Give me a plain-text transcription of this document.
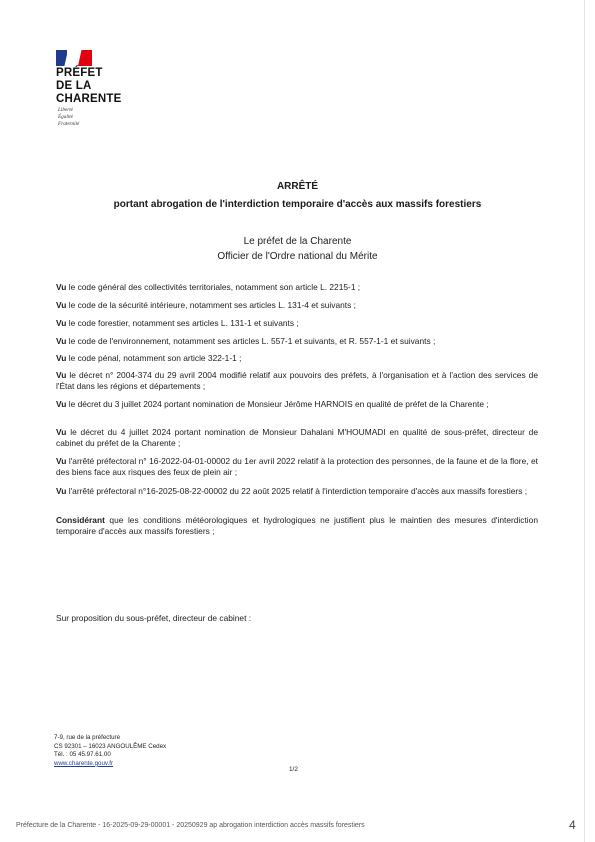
PRÉFET
DE LA
CHARENTE
Liberté
Égalité
Fraternité
ARRÊTÉ
portant abrogation de l'interdiction temporaire d'accès aux massifs forestiers
Le préfet de la Charente
Officier de l'Ordre national du Mérite
Vu le code général des collectivités territoriales, notamment son article L. 2215-1 ;
Vu le code de la sécurité intérieure, notamment ses articles L. 131-4 et suivants ;
Vu le code forestier, notamment ses articles L. 131-1 et suivants ;
Vu le code de l'environnement, notamment ses articles L. 557-1 et suivants, et R. 557-1-1 et suivants ;
Vu le code pénal, notamment son article 322-1-1 ;
Vu le décret n° 2004-374 du 29 avril 2004 modifié relatif aux pouvoirs des préfets, à l'organisation et à l'action des services de l'État dans les régions et départements ;
Vu le décret du 3 juillet 2024 portant nomination de Monsieur Jérôme HARNOIS en qualité de préfet de la Charente ;
Vu le décret du 4 juillet 2024 portant nomination de Monsieur Dahalani M'HOUMADI en qualité de sous-préfet, directeur de cabinet du préfet de la Charente ;
Vu l'arrêté préfectoral n° 16-2022-04-01-00002 du 1er avril 2022 relatif à la protection des personnes, de la faune et de la flore, et des biens face aux risques des feux de plein air ;
Vu l'arrêté préfectoral n°16-2025-08-22-00002 du 22 août 2025 relatif à l'interdiction temporaire d'accès aux massifs forestiers ;
Considérant que les conditions météorologiques et hydrologiques ne justifient plus le maintien des mesures d'interdiction temporaire d'accès aux massifs forestiers ;
Sur proposition du sous-préfet, directeur de cabinet :
7-9, rue de la préfecture
CS 92301 – 16023 ANGOULÊME Cedex
Tél. : 05 45.97.61.00
www.charente.gouv.fr
1/2
Préfecture de la Charente - 16-2025-09-29-00001 - 20250929 ap abrogation interdiction accès massifs forestiers	4
